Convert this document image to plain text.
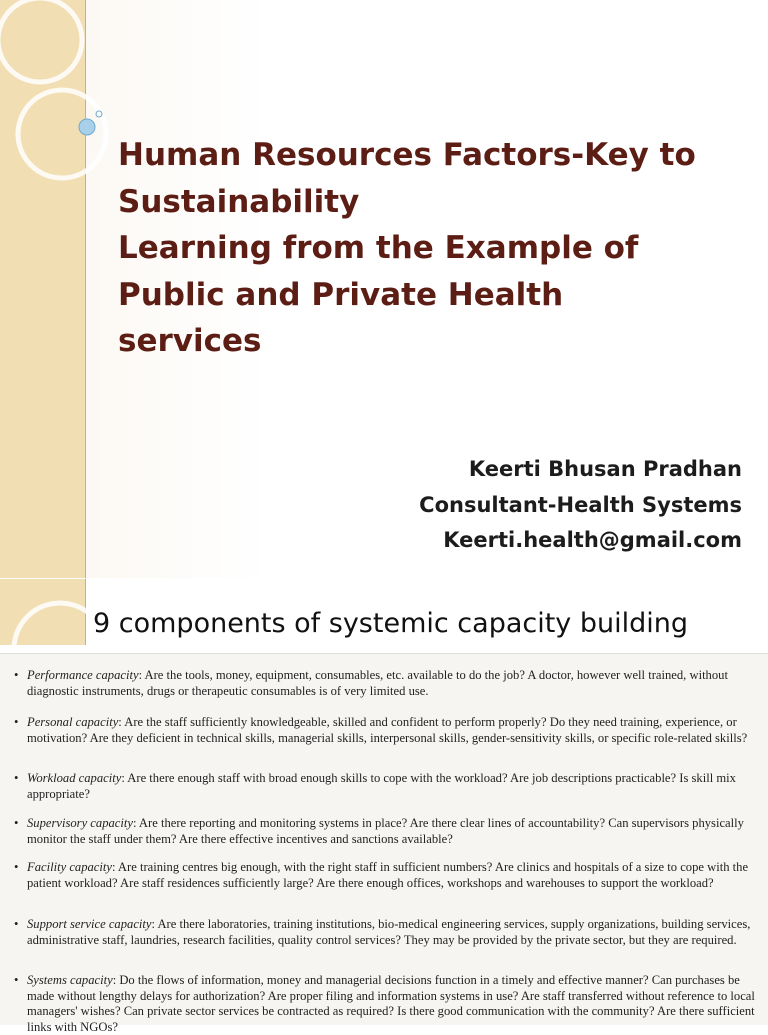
Human Resources Factors-Key to
Sustainability
Learning from the Example of
Public and Private Health
services
Keerti Bhusan Pradhan
Consultant-Health Systems
Keerti.health@gmail.com
9 components of systemic capacity building
• Performance capacity: Are the tools, money, equipment, consumables, etc. available to do the job? A doctor, however well trained, without diagnostic instruments, drugs or therapeutic consumables is of very limited use.
• Personal capacity: Are the staff sufficiently knowledgeable, skilled and confident to perform properly? Do they need training, experience, or motivation? Are they deficient in technical skills, managerial skills, interpersonal skills, gender-sensitivity skills, or specific role-related skills?
• Workload capacity: Are there enough staff with broad enough skills to cope with the workload? Are job descriptions practicable? Is skill mix appropriate?
• Supervisory capacity: Are there reporting and monitoring systems in place? Are there clear lines of accountability? Can supervisors physically monitor the staff under them? Are there effective incentives and sanctions available?
• Facility capacity: Are training centres big enough, with the right staff in sufficient numbers? Are clinics and hospitals of a size to cope with the patient workload? Are staff residences sufficiently large? Are there enough offices, workshops and warehouses to support the workload?
• Support service capacity: Are there laboratories, training institutions, bio-medical engineering services, supply organizations, building services, administrative staff, laundries, research facilities, quality control services? They may be provided by the private sector, but they are required.
• Systems capacity: Do the flows of information, money and managerial decisions function in a timely and effective manner? Can purchases be made without lengthy delays for authorization? Are proper filing and information systems in use? Are staff transferred without reference to local managers' wishes? Can private sector services be contracted as required? Is there good communication with the community? Are there sufficient links with NGOs?
